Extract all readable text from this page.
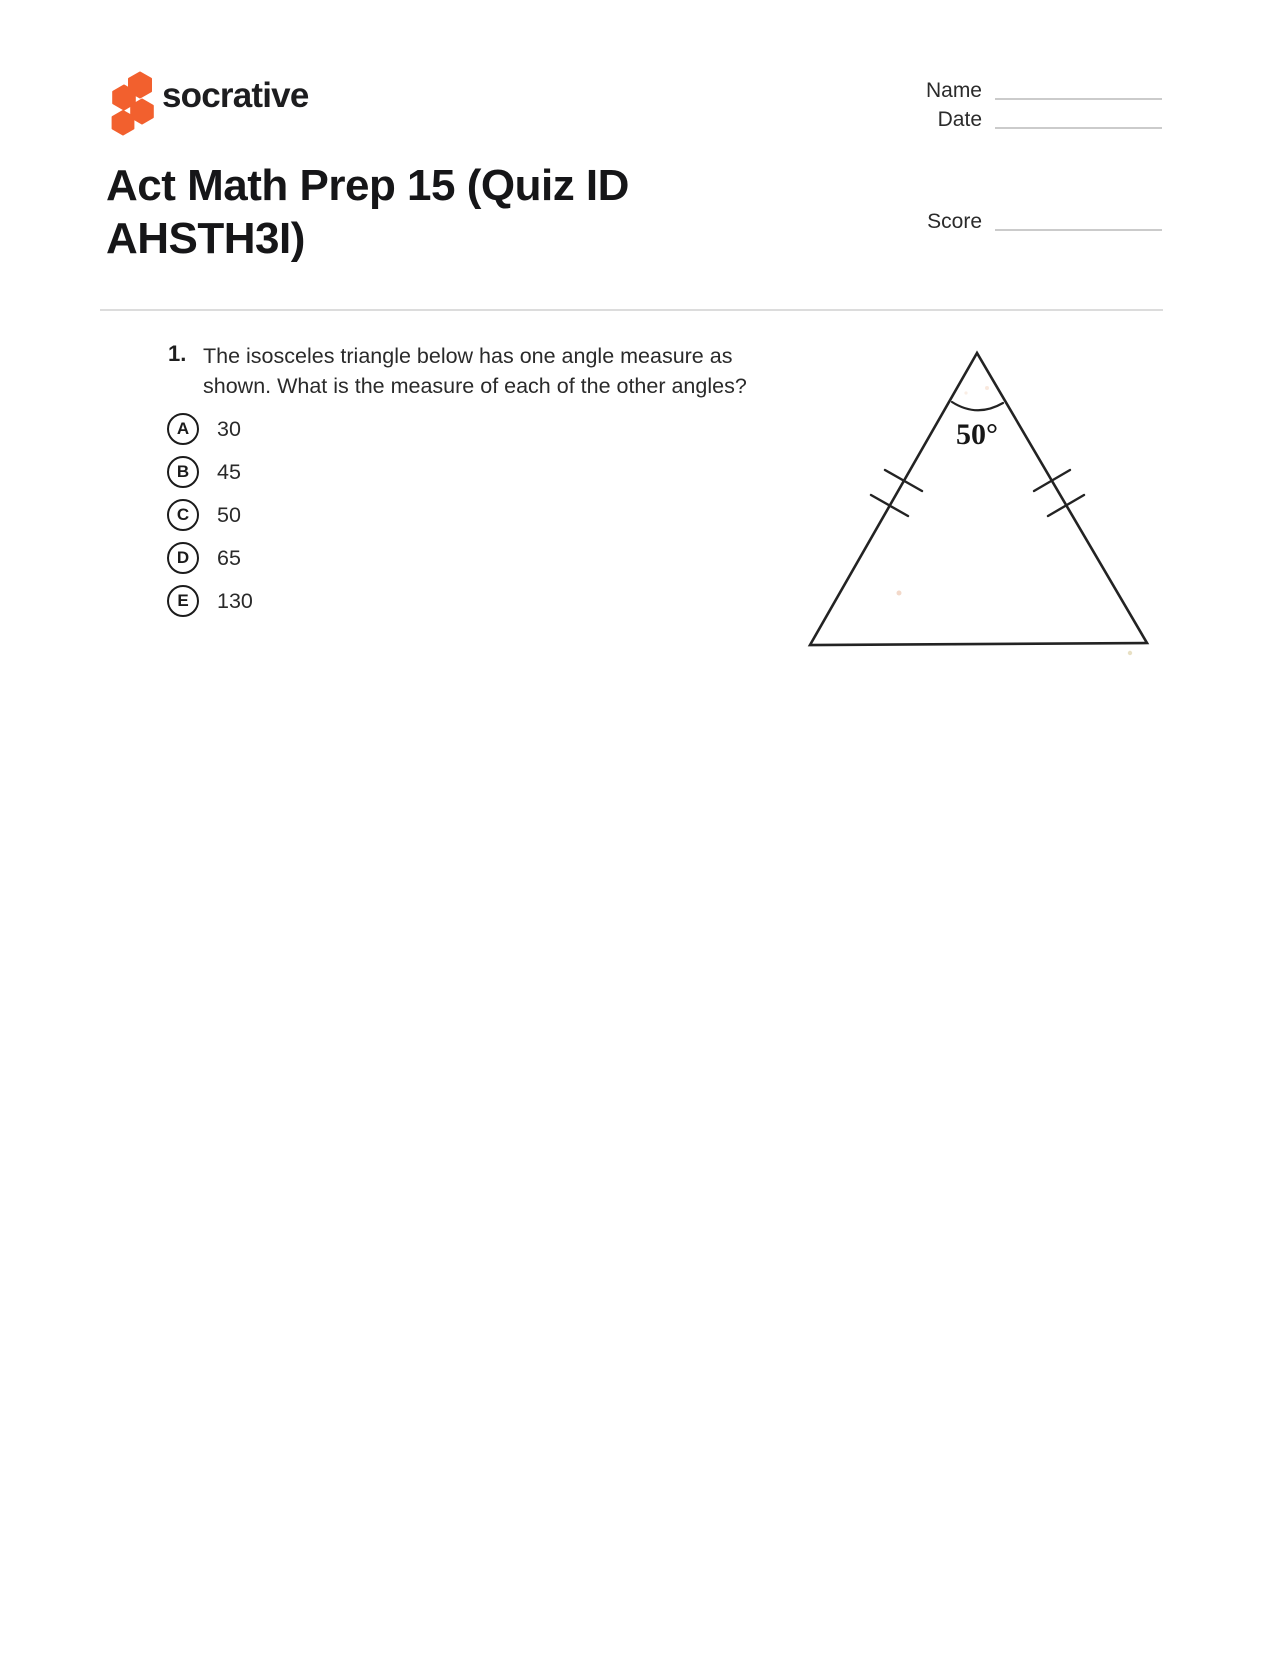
socrative	Name
Date
Score
Act Math Prep 15 (Quiz ID AHSTH3I)
1. The isosceles triangle below has one angle measure as shown. What is the measure of each of the other angles?
A	30
B	45
C	50
D	65
E	130
50°
